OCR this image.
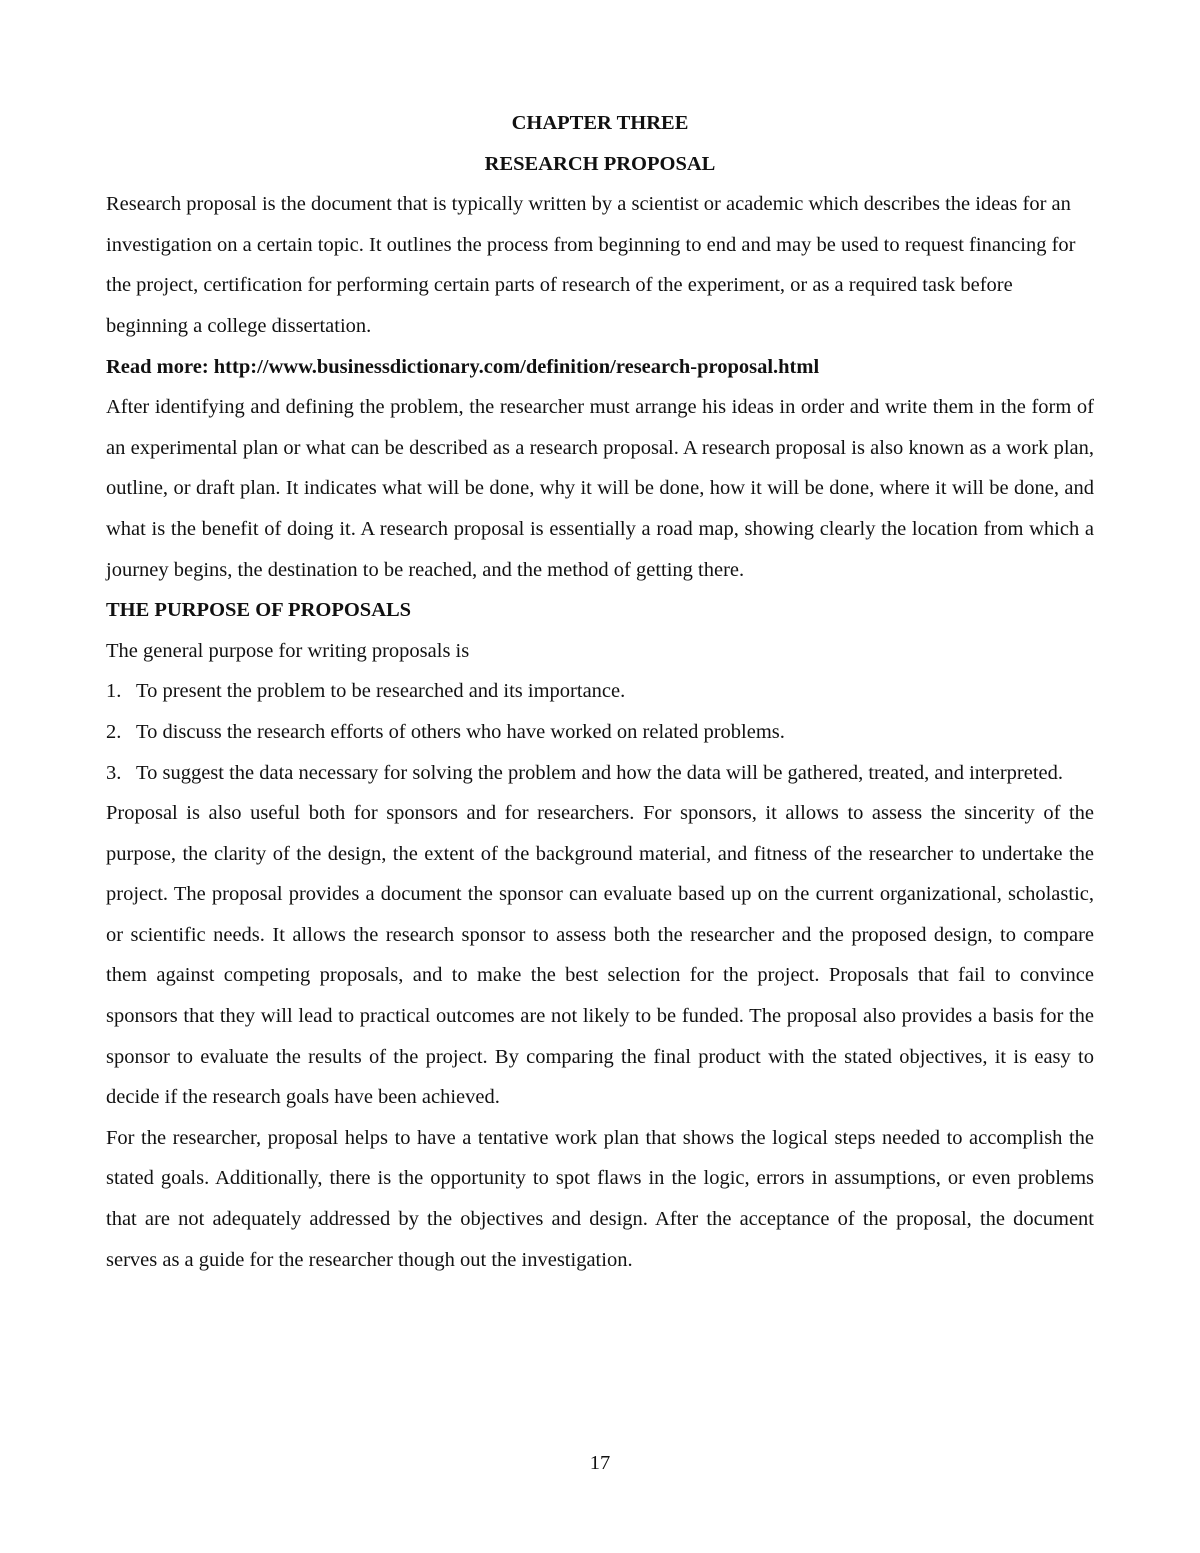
CHAPTER THREE

RESEARCH PROPOSAL

Research proposal is the document that is typically written by a scientist or academic which describes the ideas for an investigation on a certain topic. It outlines the process from beginning to end and may be used to request financing for the project, certification for performing certain parts of research of the experiment, or as a required task before beginning a college dissertation.

Read more: http://www.businessdictionary.com/definition/research-proposal.html

After identifying and defining the problem, the researcher must arrange his ideas in order and write them in the form of an experimental plan or what can be described as a research proposal. A research proposal is also known as a work plan, outline, or draft plan. It indicates what will be done, why it will be done, how it will be done, where it will be done, and what is the benefit of doing it. A research proposal is essentially a road map, showing clearly the location from which a journey begins, the destination to be reached, and the method of getting there.

THE PURPOSE OF PROPOSALS

The general purpose for writing proposals is

1. To present the problem to be researched and its importance.
2. To discuss the research efforts of others who have worked on related problems.
3. To suggest the data necessary for solving the problem and how the data will be gathered, treated, and interpreted.

Proposal is also useful both for sponsors and for researchers. For sponsors, it allows to assess the sincerity of the purpose, the clarity of the design, the extent of the background material, and fitness of the researcher to undertake the project. The proposal provides a document the sponsor can evaluate based up on the current organizational, scholastic, or scientific needs. It allows the research sponsor to assess both the researcher and the proposed design, to compare them against competing proposals, and to make the best selection for the project. Proposals that fail to convince sponsors that they will lead to practical outcomes are not likely to be funded. The proposal also provides a basis for the sponsor to evaluate the results of the project. By comparing the final product with the stated objectives, it is easy to decide if the research goals have been achieved.

For the researcher, proposal helps to have a tentative work plan that shows the logical steps needed to accomplish the stated goals. Additionally, there is the opportunity to spot flaws in the logic, errors in assumptions, or even problems that are not adequately addressed by the objectives and design. After the acceptance of the proposal, the document serves as a guide for the researcher though out the investigation.

17
